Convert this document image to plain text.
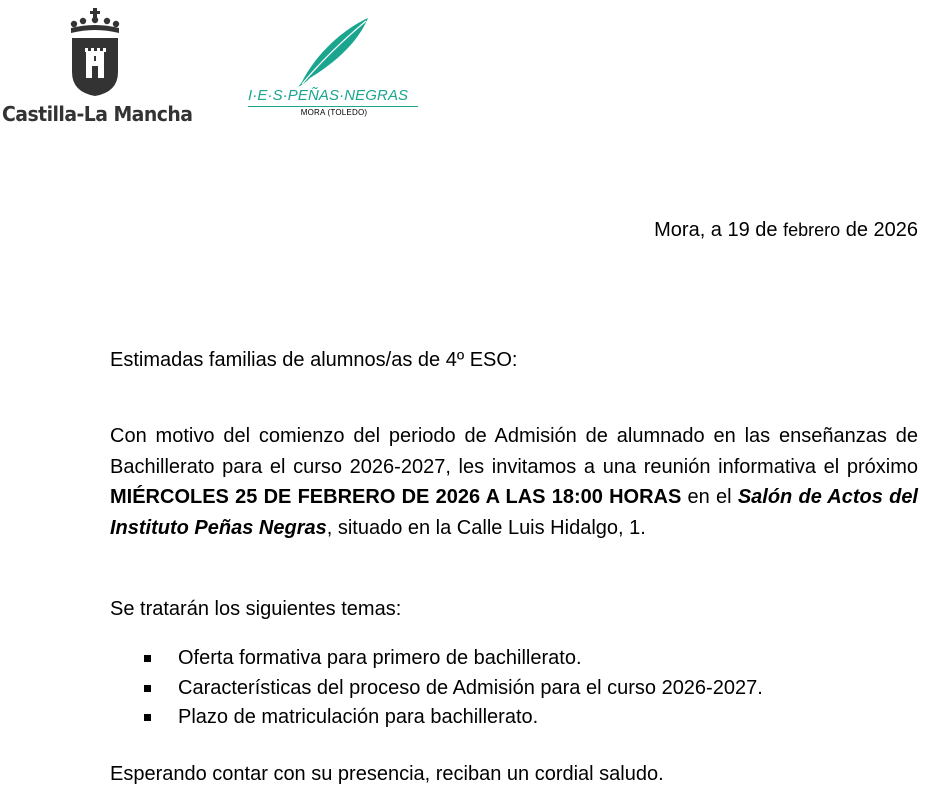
Castilla-La Mancha
I·E·S·PEÑAS·NEGRAS
MORA (TOLEDO)
Mora, a 19 de febrero de 2026
Estimadas familias de alumnos/as de 4º ESO:
Con motivo del comienzo del periodo de Admisión de alumnado en las enseñanzas de Bachillerato para el curso 2026-2027, les invitamos a una reunión informativa el próximo MIÉRCOLES 25 DE FEBRERO DE 2026 A LAS 18:00 HORAS en el Salón de Actos del Instituto Peñas Negras, situado en la Calle Luis Hidalgo, 1.
Se tratarán los siguientes temas:
Oferta formativa para primero de bachillerato.
Características del proceso de Admisión para el curso 2026-2027.
Plazo de matriculación para bachillerato.
Esperando contar con su presencia, reciban un cordial saludo.
